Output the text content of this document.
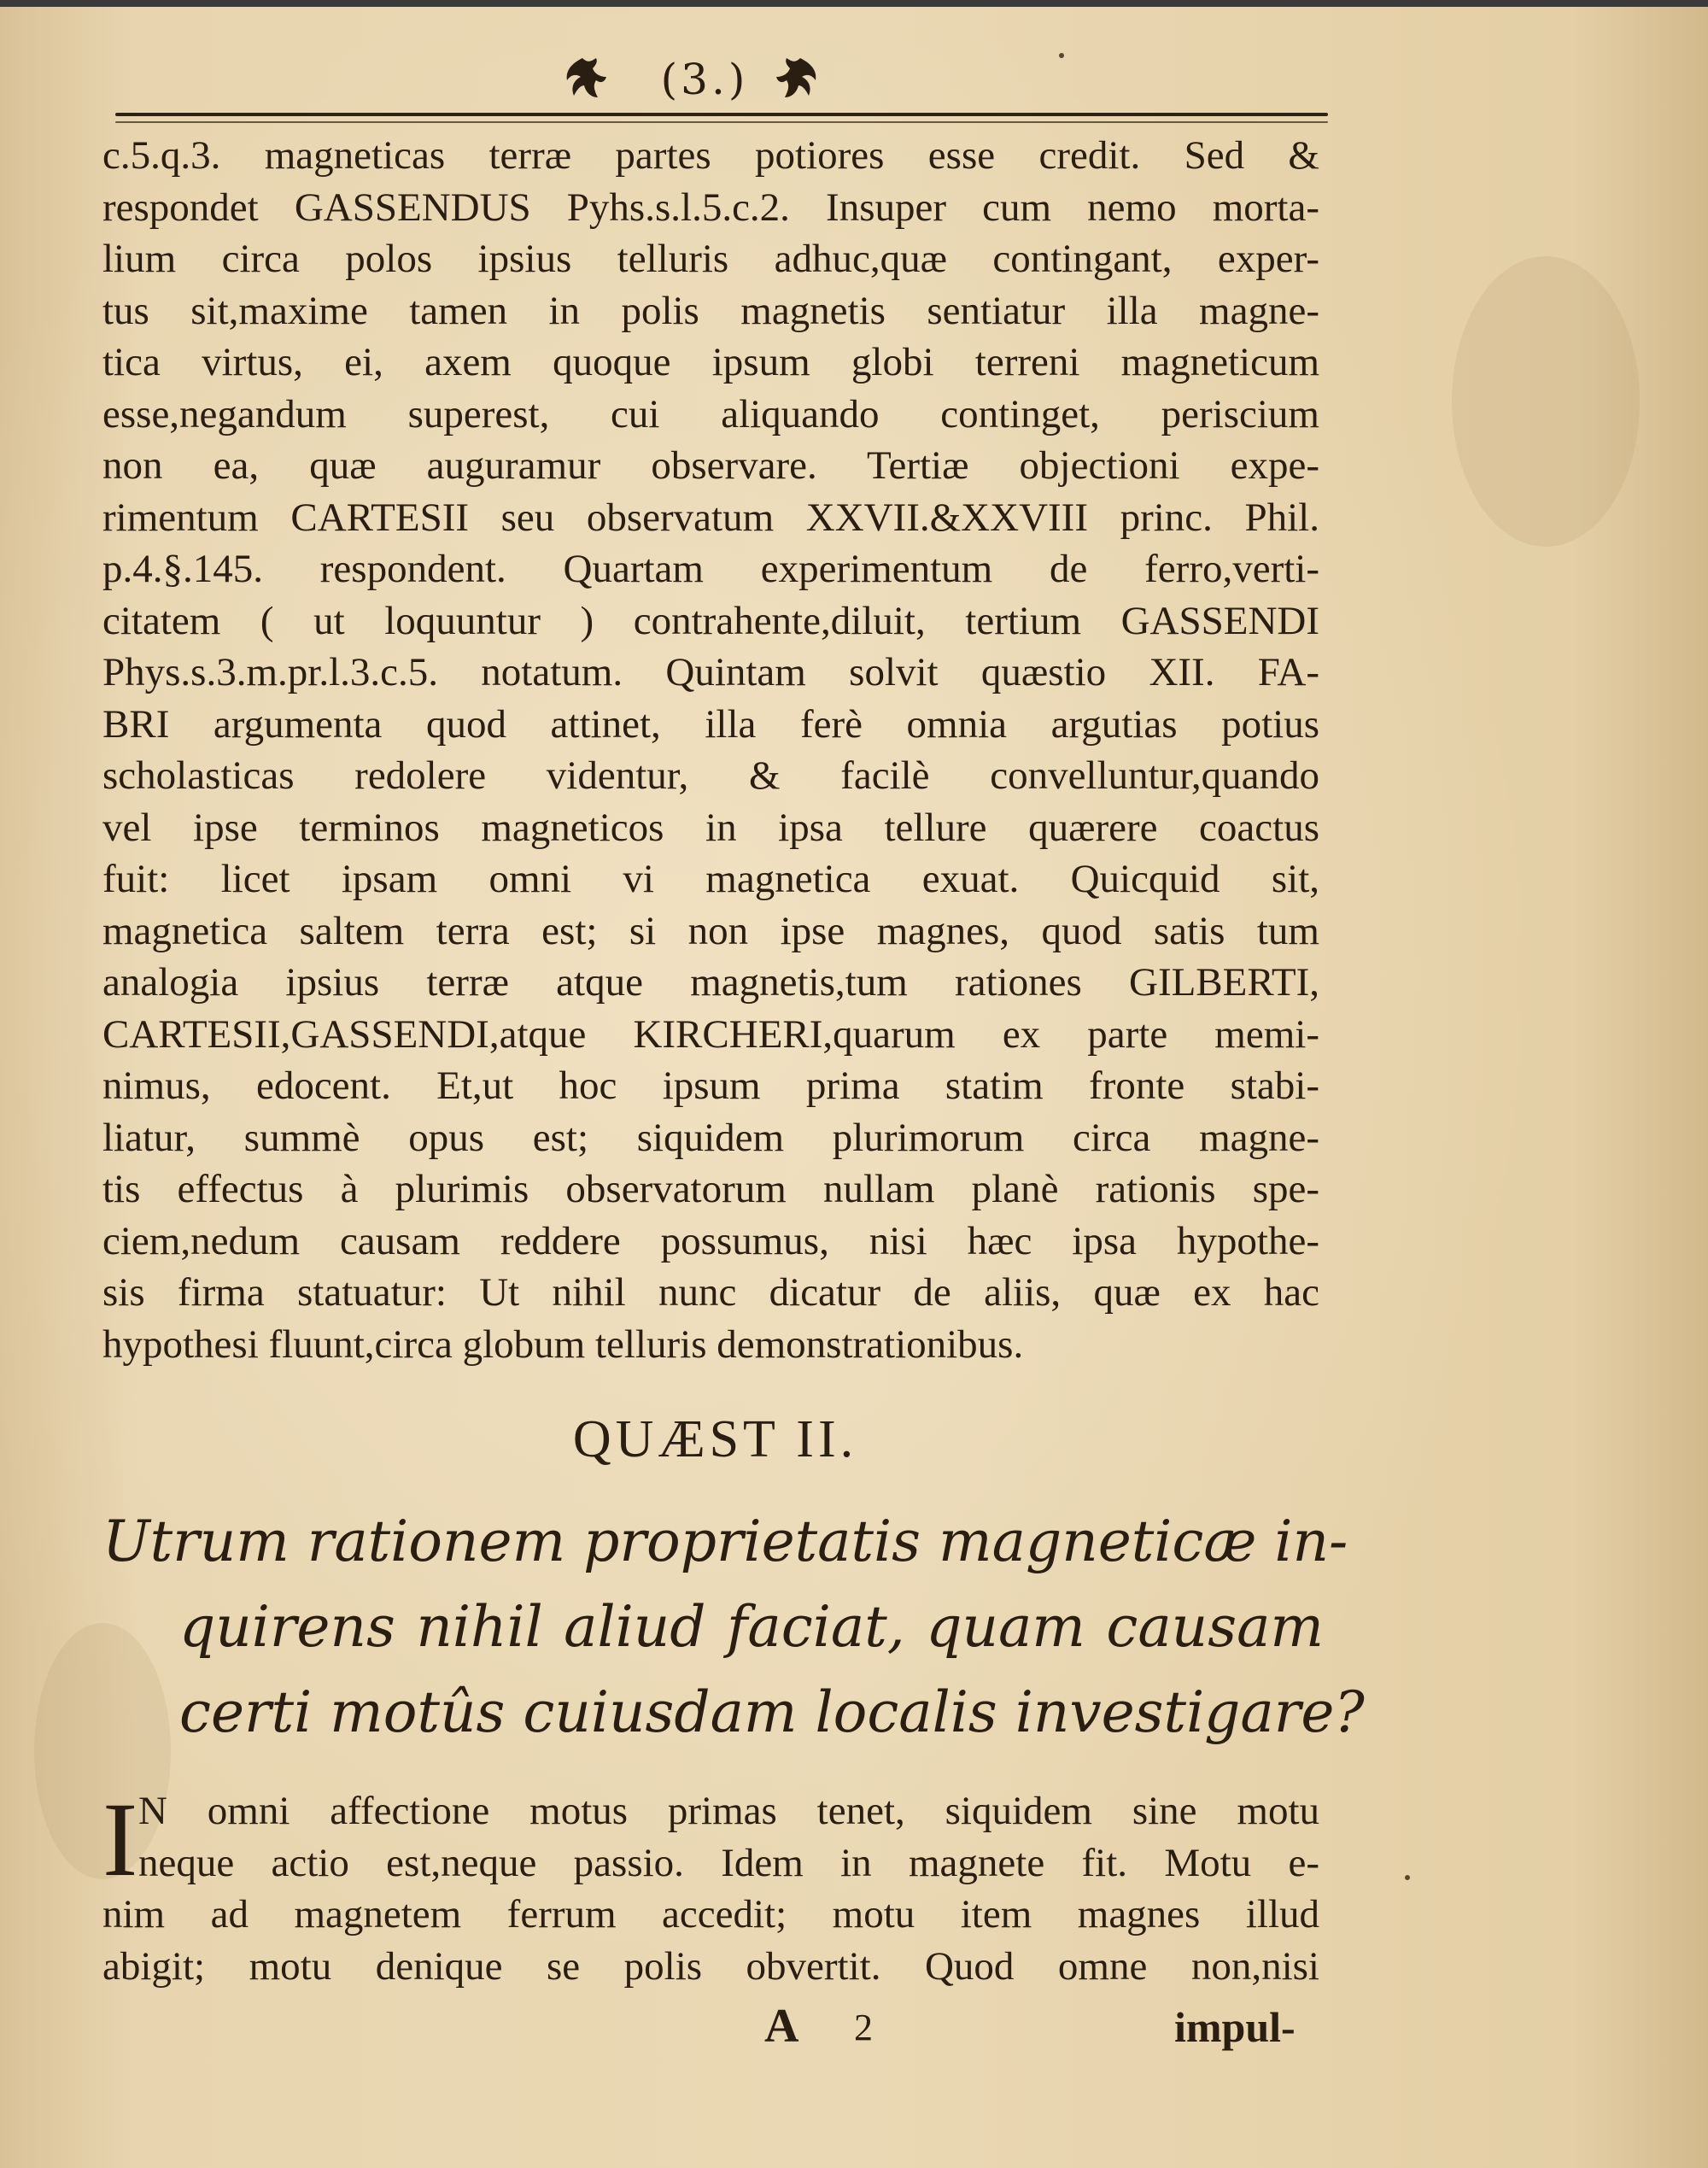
(3.)
c.5.q.3. magneticas terræ partes potiores esse credit. Sed &
respondet GASSENDUS Pyhs.s.l.5.c.2. Insuper cum nemo morta-
lium circa polos ipsius telluris adhuc,quæ contingant, exper-
tus sit,maxime tamen in polis magnetis sentiatur illa magne-
tica virtus, ei, axem quoque ipsum globi terreni magneticum
esse,negandum superest, cui aliquando continget, periscium
non ea, quæ auguramur observare. Tertiæ objectioni expe-
rimentum CARTESII seu observatum XXVII.&XXVIII princ. Phil.
p.4.§.145. respondent. Quartam experimentum de ferro,verti-
citatem ( ut loquuntur ) contrahente,diluit, tertium GASSENDI
Phys.s.3.m.pr.l.3.c.5. notatum. Quintam solvit quæstio XII. FA-
BRI argumenta quod attinet, illa ferè omnia argutias potius
scholasticas redolere videntur, & facilè convelluntur,quando
vel ipse terminos magneticos in ipsa tellure quærere coactus
fuit: licet ipsam omni vi magnetica exuat. Quicquid sit,
magnetica saltem terra est; si non ipse magnes, quod satis tum
analogia ipsius terræ atque magnetis,tum rationes GILBERTI,
CARTESII,GASSENDI,atque KIRCHERI,quarum ex parte memi-
nimus, edocent. Et,ut hoc ipsum prima statim fronte stabi-
liatur, summè opus est; siquidem plurimorum circa magne-
tis effectus à plurimis observatorum nullam planè rationis spe-
ciem,nedum causam reddere possumus, nisi hæc ipsa hypothe-
sis firma statuatur: Ut nihil nunc dicatur de aliis, quæ ex hac
hypothesi fluunt,circa globum telluris demonstrationibus.
QUÆST II.
Utrum rationem proprietatis magneticæ in-
quirens nihil aliud faciat, quam causam
certi motûs cuiusdam localis investigare?
I N omni affectione motus primas tenet, siquidem sine motu
neque actio est,neque passio. Idem in magnete fit. Motu e-
nim ad magnetem ferrum accedit; motu item magnes illud
abigit; motu denique se polis obvertit. Quod omne non,nisi
A 2	impul-
